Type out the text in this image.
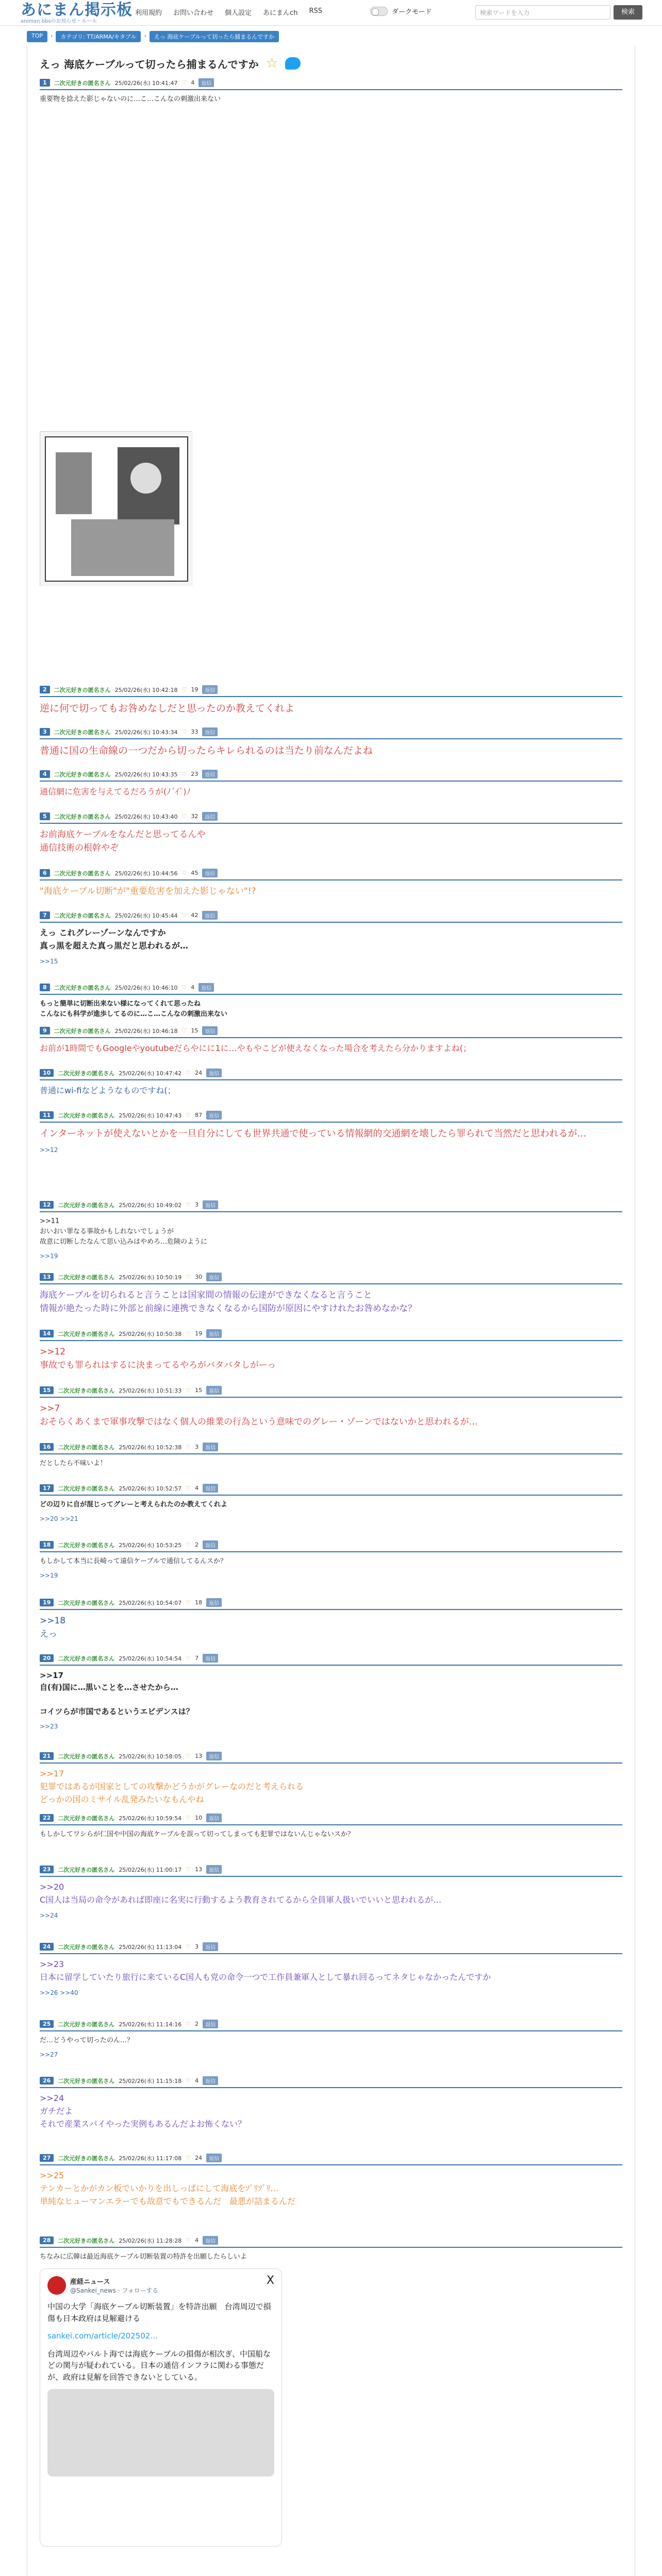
あにまん掲示板
animan bbsのお知らせ・ルール
利用規約 お問い合わせ 個人設定 あにまんch RSS	ダークモード	検索ワードを入力	検索
TOP	›	カテゴリ: TT/ARMA/キタブル	›	えっ 海底ケーブルって切ったら捕まるんですか
えっ 海底ケーブルって切ったら捕まるんですか ☆
1	二次元好きの匿名さん 25/02/26(水) 10:41:47 ♡ 4	返信
重要物を捻えた影じゃないのに…こ…こんなの刺激出来ない
2	二次元好きの匿名さん 25/02/26(水) 10:42:18 ♡ 19	返信
逆に何で切ってもお咎めなしだと思ったのか教えてくれよ
3	二次元好きの匿名さん 25/02/26(水) 10:43:34 ♡ 33	返信
普通に国の生命線の一つだから切ったらキレられるのは当たり前なんだよね
4	二次元好きの匿名さん 25/02/26(水) 10:43:35 ♡ 23	返信
通信網に危害を与えてるだろうが(ﾉ´ｲ`)ﾉ
5	二次元好きの匿名さん 25/02/26(水) 10:43:40 ♡ 32	返信
お前海底ケーブルをなんだと思ってるんや
通信技術の根幹やぞ
6	二次元好きの匿名さん 25/02/26(水) 10:44:56 ♡ 45	返信
"海底ケーブル切断"が"重要危害を加えた影じゃない"!?
7	二次元好きの匿名さん 25/02/26(水) 10:45:44 ♡ 42	返信
えっ これグレーゾーンなんですか
真っ黒を超えた真っ黒だと思われるが…
>>15
8	二次元好きの匿名さん 25/02/26(水) 10:46:10 ♡ 4	返信
もっと簡単に切断出来ない様になってくれて思ったね
こんなにも科学が進歩してるのに…こ…こんなの刺激出来ない
9	二次元好きの匿名さん 25/02/26(水) 10:46:18 ♡ 15	返信
お前が1時間でもGoogleやyoutubeだらやにに1に…やもやこどが使えなくなった場合を考えたら分かりますよね(；
10	二次元好きの匿名さん 25/02/26(水) 10:47:42 ♡ 24	返信
普通にwi-fiなどようなものですね(；
11	二次元好きの匿名さん 25/02/26(水) 10:47:43 ♡ 87	返信
インターネットが使えないとかを一旦自分にしても世界共通で使っている情報網的交通網を壊したら罪られて当然だと思われるが…
>>12
12	二次元好きの匿名さん 25/02/26(水) 10:49:02 ♡ 3	返信
>>11
おいおい罪なる事故かもしれないでしょうが
故意に切断したなんて思い込みはやめろ…危険のように
>>19
13	二次元好きの匿名さん 25/02/26(水) 10:50:19 ♡ 30	返信
海底ケーブルを切られると言うことは国家間の情報の伝達ができなくなると言うこと
情報が絶たった時に外部と前線に連携できなくなるから国防が原因にやすけれたお咎めなかな？
14	二次元好きの匿名さん 25/02/26(水) 10:50:38 ♡ 19	返信
>>12
事故でも罪られはするに決まってるやろがバタバタしがーっ
15	二次元好きの匿名さん 25/02/26(水) 10:51:33 ♡ 15	返信
>>7
おそらくあくまで軍事攻撃ではなく個人の維業の行為という意味でのグレー・ゾーンではないかと思われるが…
16	二次元好きの匿名さん 25/02/26(水) 10:52:38 ♡ 3	返信
だとしたら不味いよ！
17	二次元好きの匿名さん 25/02/26(水) 10:52:57 ♡ 4	返信
どの辺りに自が混じってグレーと考えられたのか教えてくれよ
>>20 >>21
18	二次元好きの匿名さん 25/02/26(水) 10:53:25 ♡ 2	返信
もしかして本当に長崎って遠信ケーブルで通信してるんスか？
>>19
19	二次元好きの匿名さん 25/02/26(水) 10:54:07 ♡ 18	返信
>>18
えっ
20	二次元好きの匿名さん 25/02/26(水) 10:54:54 ♡ 7	返信
>>17
自(有)国に…黒いことを…させたから…

コイツらが市国であるというエビデンスは？
>>23
21	二次元好きの匿名さん 25/02/26(水) 10:58:05 ♡ 13	返信
>>17
犯罪ではあるが国家としての攻撃かどうかがグレーなのだと考えられる
どっかの国のミサイル乱発みたいなもんやね
22	二次元好きの匿名さん 25/02/26(水) 10:59:54 ♡ 10	返信
もしかしてワシらが仁国や中国の海底ケーブルを誤って切ってしまっても犯罪ではないんじゃないスか？
23	二次元好きの匿名さん 25/02/26(水) 11:00:17 ♡ 13	返信
>>20
C国人は当局の命令があれば即座に名実に行動するよう教育されてるから全員軍人扱いでいいと思われるが…
>>24
24	二次元好きの匿名さん 25/02/26(水) 11:13:04 ♡ 3	返信
>>23
日本に留学していたり旅行に来ているC国人も党の命令一つで工作員兼軍人として暴れ回るってネタじゃなかったんですか
>>26 >>40
25	二次元好きの匿名さん 25/02/26(水) 11:14:16 ♡ 2	返信
だ…どうやって切ったのん…？
>>27
26	二次元好きの匿名さん 25/02/26(水) 11:15:18 ♡ 4	返信
>>24
ガチだよ
それで産業スパイやった実例もあるんだよお怖くない？
27	二次元好きの匿名さん 25/02/26(水) 11:17:08 ♡ 24	返信
>>25
テンカーとかがカン板でいかりを出しっぱにして海底をｿﾞﾘｿﾞﾘ…
単純なヒューマンエラーでも故意でもできるんだ　最悪が詰まるんだ
28	二次元好きの匿名さん 25/02/26(水) 11:28:28 ♡ 4	返信
ちなみに広韓は最近海底ケーブル切断装置の特許を出願したらしいよ
産経ニュース
@Sankei_news · フォローする
X
中国の大学「海底ケーブル切断装置」を特許出願　台湾周辺で損傷も日本政府は見解避ける
sankei.com/article/202502…
台湾周辺やバルト海では海底ケーブルの損傷が相次ぎ、中国船などの関与が疑われている。日本の通信インフラに関わる事態だが、政府は見解を回答できないとしている。
